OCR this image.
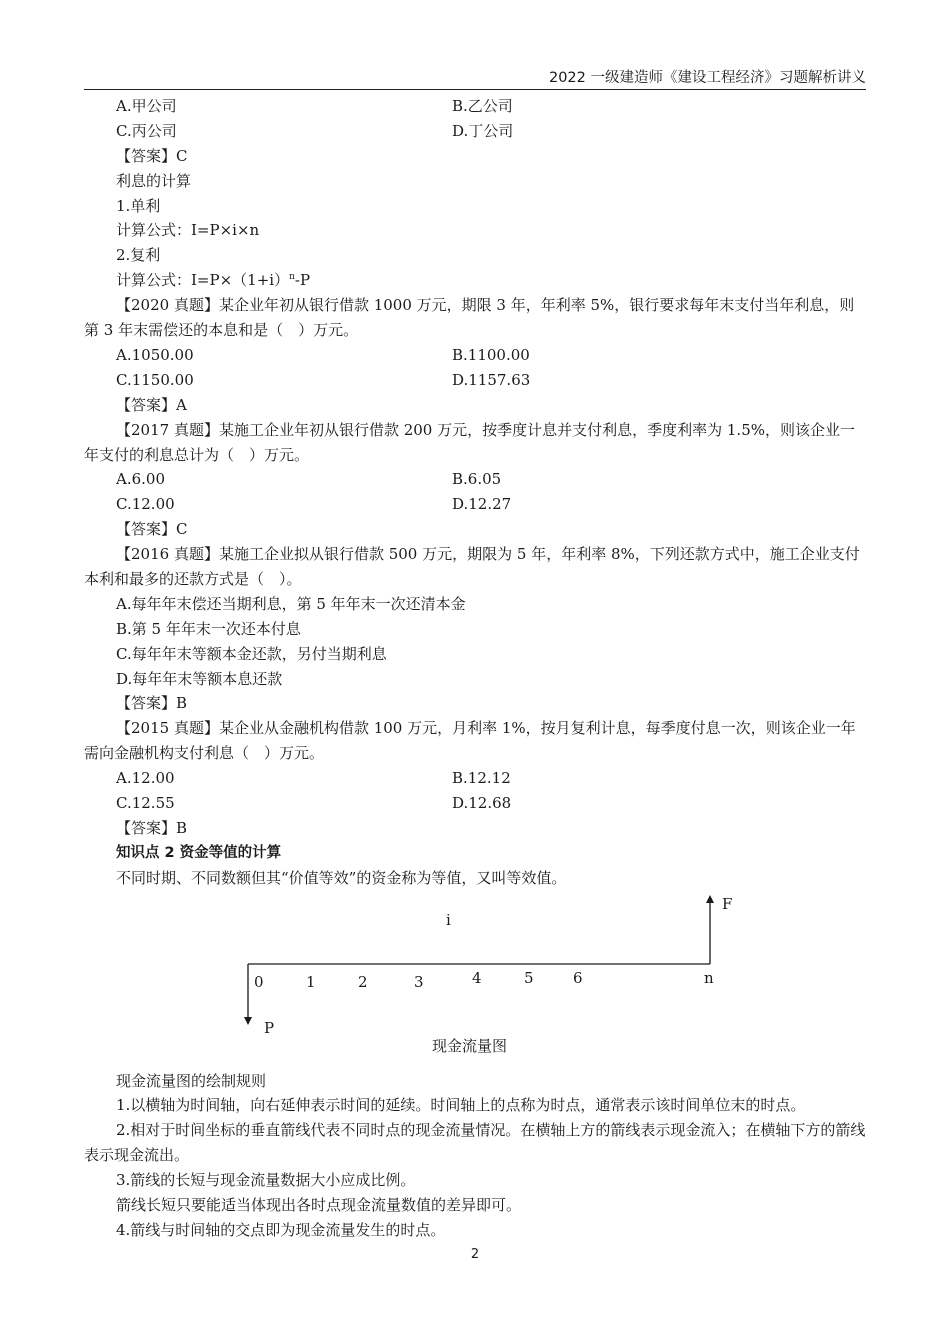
2022 一级建造师《建设工程经济》习题解析讲义
A.甲公司	B.乙公司
C.丙公司	D.丁公司
【答案】C
利息的计算
1.单利
计算公式：I=P×i×n
2.复利
计算公式：$I=P\times(1+i)^n-P$
【2020 真题】某企业年初从银行借款 1000 万元，期限 3 年，年利率 5%，银行要求每年末支付当年利息，则第 3 年末需偿还的本息和是（　）万元。
A.1050.00	B.1100.00
C.1150.00	D.1157.63
【答案】A
【2017 真题】某施工企业年初从银行借款 200 万元，按季度计息并支付利息，季度利率为 1.5%，则该企业一年支付的利息总计为（　）万元。
A.6.00	B.6.05
C.12.00	D.12.27
【答案】C
【2016 真题】某施工企业拟从银行借款 500 万元，期限为 5 年，年利率 8%，下列还款方式中，施工企业支付本利和最多的还款方式是（　）。
A.每年年末偿还当期利息，第 5 年年末一次还清本金
B.第 5 年年末一次还本付息
C.每年年末等额本金还款，另付当期利息
D.每年年末等额本息还款
【答案】B
【2015 真题】某企业从金融机构借款 100 万元，月利率 1%，按月复利计息，每季度付息一次，则该企业一年需向金融机构支付利息（　）万元。
A.12.00	B.12.12
C.12.55	D.12.68
【答案】B
知识点 2 资金等值的计算
不同时期、不同数额但其“价值等效”的资金称为等值，又叫等效值。
i
F
P
0	1	2	3	4	5	6	n
现金流量图
现金流量图的绘制规则
1.以横轴为时间轴，向右延伸表示时间的延续。时间轴上的点称为时点，通常表示该时间单位末的时点。
2.相对于时间坐标的垂直箭线代表不同时点的现金流量情况。在横轴上方的箭线表示现金流入；在横轴下方的箭线表示现金流出。
3.箭线的长短与现金流量数据大小应成比例。
箭线长短只要能适当体现出各时点现金流量数值的差异即可。
4.箭线与时间轴的交点即为现金流量发生的时点。
2
